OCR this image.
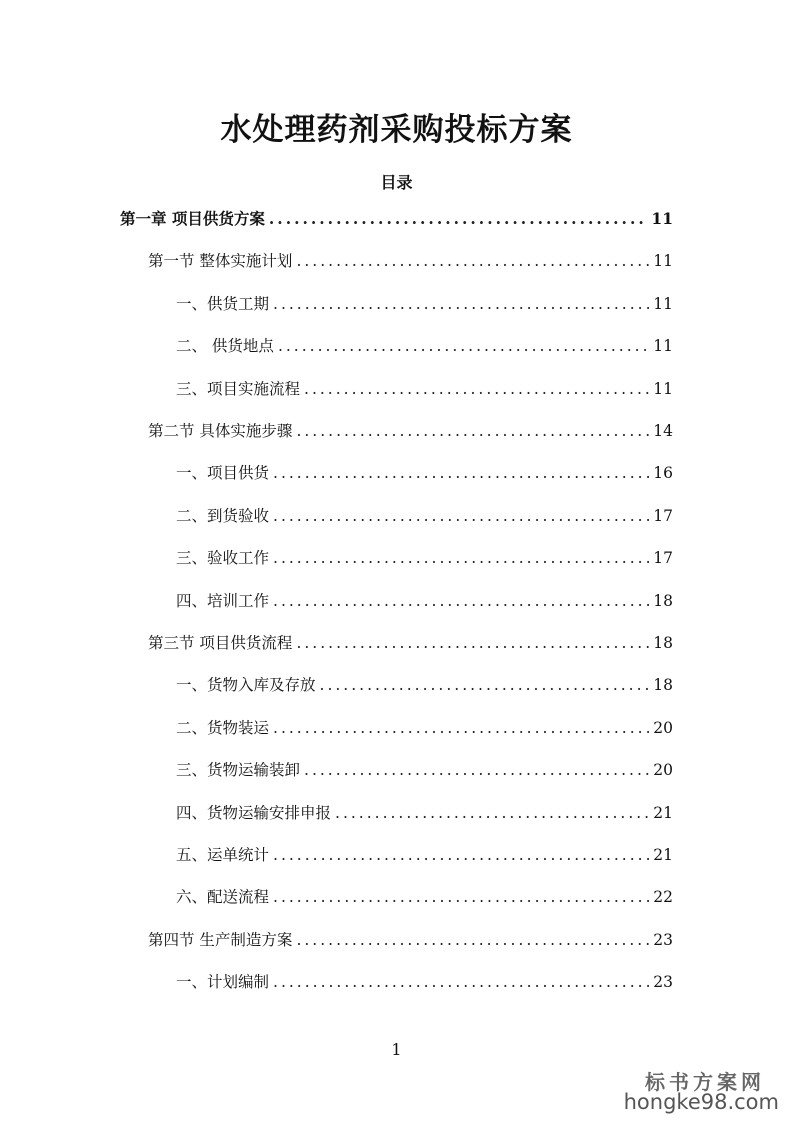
水处理药剂采购投标方案
目录
第一章 项目供货方案 .....	11
第一节 整体实施计划 .....	11
一、供货工期 .....	11
二、 供货地点 .....	11
三、项目实施流程 .....	11
第二节 具体实施步骤 .....	14
一、项目供货 .....	16
二、到货验收 .....	17
三、验收工作 .....	17
四、培训工作 .....	18
第三节 项目供货流程 .....	18
一、货物入库及存放 .....	18
二、货物装运 .....	20
三、货物运输装卸 .....	20
四、货物运输安排申报 .....	21
五、运单统计 .....	21
六、配送流程 .....	22
第四节 生产制造方案 .....	23
一、计划编制 .....	23
1
标书方案网
hongke98.com
